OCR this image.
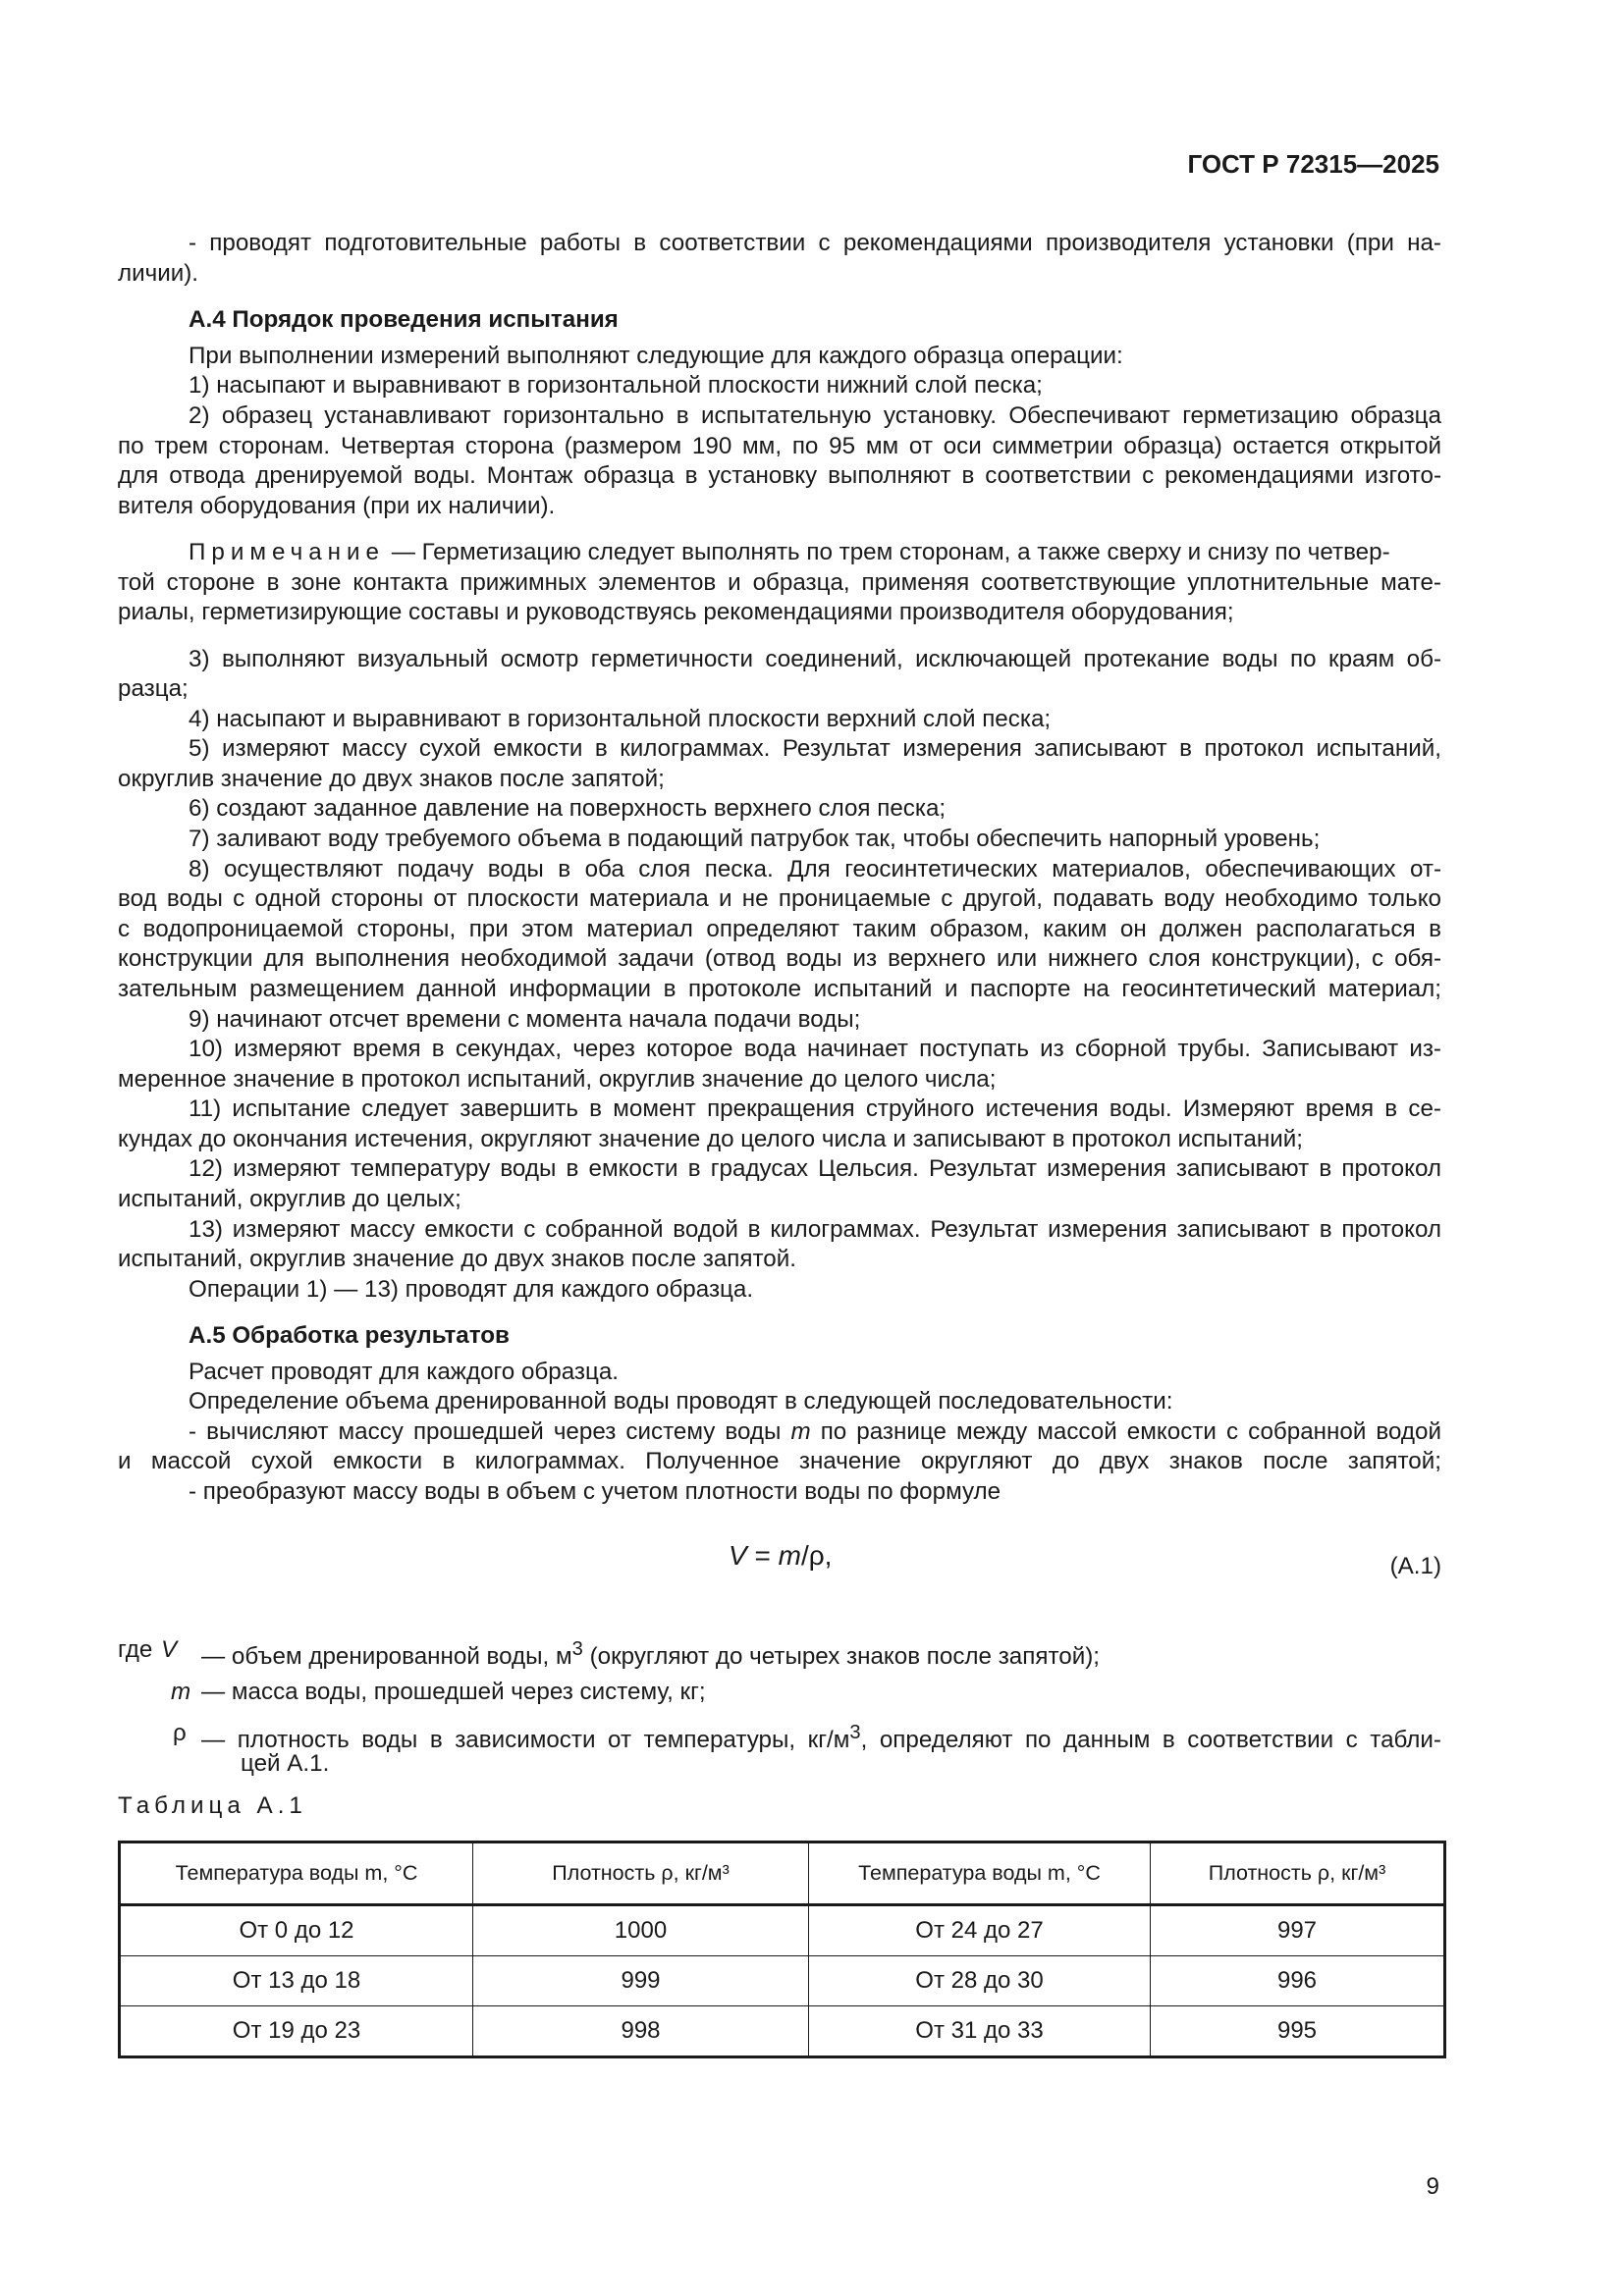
ГОСТ Р 72315—2025
- проводят подготовительные работы в соответствии с рекомендациями производителя установки (при на-
личии).
А.4 Порядок проведения испытания
При выполнении измерений выполняют следующие для каждого образца операции:
1) насыпают и выравнивают в горизонтальной плоскости нижний слой песка;
2) образец устанавливают горизонтально в испытательную установку. Обеспечивают герметизацию образца
по трем сторонам. Четвертая сторона (размером 190 мм, по 95 мм от оси симметрии образца) остается открытой
для отвода дренируемой воды. Монтаж образца в установку выполняют в соответствии с рекомендациями изгото-
вителя оборудования (при их наличии).
Примечание — Герметизацию следует выполнять по трем сторонам, а также сверху и снизу по четвер-
той стороне в зоне контакта прижимных элементов и образца, применяя соответствующие уплотнительные мате-
риалы, герметизирующие составы и руководствуясь рекомендациями производителя оборудования;
3) выполняют визуальный осмотр герметичности соединений, исключающей протекание воды по краям об-
разца;
4) насыпают и выравнивают в горизонтальной плоскости верхний слой песка;
5) измеряют массу сухой емкости в килограммах. Результат измерения записывают в протокол испытаний,
округлив значение до двух знаков после запятой;
6) создают заданное давление на поверхность верхнего слоя песка;
7) заливают воду требуемого объема в подающий патрубок так, чтобы обеспечить напорный уровень;
8) осуществляют подачу воды в оба слоя песка. Для геосинтетических материалов, обеспечивающих от-
вод воды с одной стороны от плоскости материала и не проницаемые с другой, подавать воду необходимо только
с водопроницаемой стороны, при этом материал определяют таким образом, каким он должен располагаться в
конструкции для выполнения необходимой задачи (отвод воды из верхнего или нижнего слоя конструкции), с обя-
зательным размещением данной информации в протоколе испытаний и паспорте на геосинтетический материал;
9) начинают отсчет времени с момента начала подачи воды;
10) измеряют время в секундах, через которое вода начинает поступать из сборной трубы. Записывают из-
меренное значение в протокол испытаний, округлив значение до целого числа;
11) испытание следует завершить в момент прекращения струйного истечения воды. Измеряют время в се-
кундах до окончания истечения, округляют значение до целого числа и записывают в протокол испытаний;
12) измеряют температуру воды в емкости в градусах Цельсия. Результат измерения записывают в протокол
испытаний, округлив до целых;
13) измеряют массу емкости с собранной водой в килограммах. Результат измерения записывают в протокол
испытаний, округлив значение до двух знаков после запятой.
Операции 1) — 13) проводят для каждого образца.
А.5 Обработка результатов
Расчет проводят для каждого образца.
Определение объема дренированной воды проводят в следующей последовательности:
- вычисляют массу прошедшей через систему воды m по разнице между массой емкости с собранной водой
и массой сухой емкости в килограммах. Полученное значение округляют до двух знаков после запятой;
- преобразуют массу воды в объем с учетом плотности воды по формуле
V = m/ρ,	(А.1)
где V — объем дренированной воды, $м^3$ (округляют до четырех знаков после запятой);
m — масса воды, прошедшей через систему, кг;
ρ — плотность воды в зависимости от температуры, $кг/м^3$, определяют по данным в соответствии с табли-
цей А.1.
Таблица А.1
Температура воды m, °С	Плотность ρ, кг/м³	Температура воды m, °С	Плотность ρ, кг/м³
От 0 до 12	1000	От 24 до 27	997
От 13 до 18	999	От 28 до 30	996
От 19 до 23	998	От 31 до 33	995
9
